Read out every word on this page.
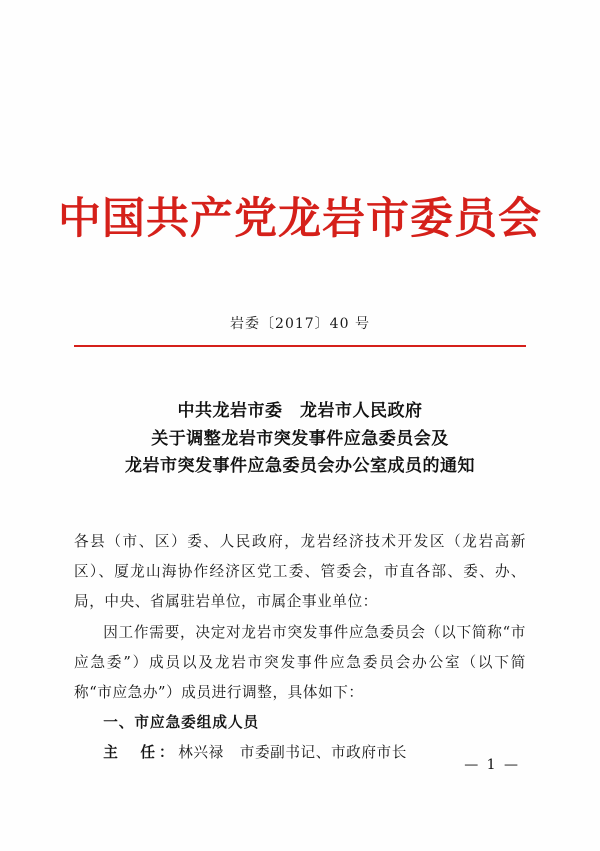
中国共产党龙岩市委员会
岩委〔2017〕40 号
中共龙岩市委　龙岩市人民政府
关于调整龙岩市突发事件应急委员会及
龙岩市突发事件应急委员会办公室成员的通知

各县（市、区）委、人民政府，龙岩经济技术开发区（龙岩高新区）、厦龙山海协作经济区党工委、管委会，市直各部、委、办、局，中央、省属驻岩单位，市属企事业单位：

因工作需要，决定对龙岩市突发事件应急委员会（以下简称“市应急委”）成员以及龙岩市突发事件应急委员会办公室（以下简称“市应急办”）成员进行调整，具体如下：

一、市应急委组成人员

主　任： 林兴禄 市委副书记、市政府市长

— 1 —
